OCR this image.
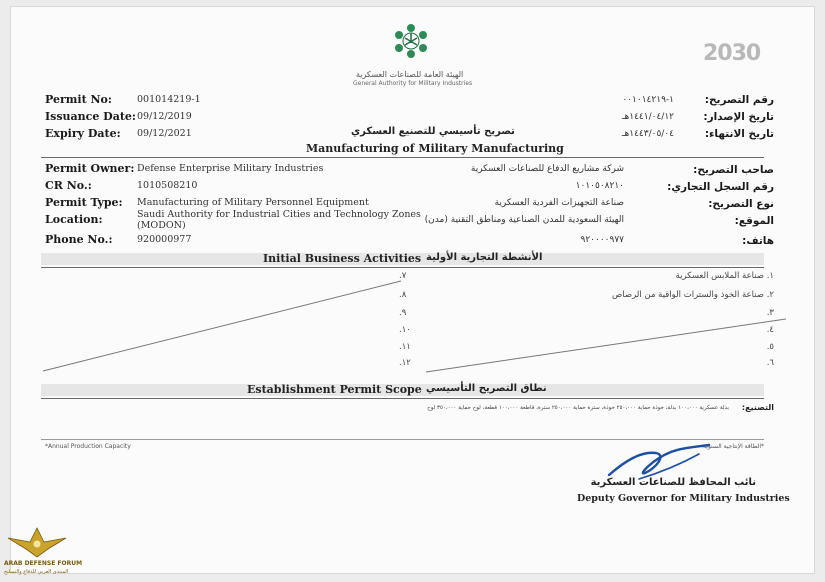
الهيئة العامة للصناعات العسكرية
General Authority for Military Industries
2030
Permit No:	001014219-1
Issuance Date: 09/12/2019
Expiry Date: 09/12/2021
رقم التصريح:
١-٠٠١٠١٤٢١٩
تاريخ الإصدار:
١٤٤١/٠٤/١٢هـ
تاريخ الانتهاء:
١٤٤٣/٠٥/٠٤هـ
تصريح تأسيسي للتصنيع العسكري
Manufacturing of Military Manufacturing
Permit Owner: Defense Enterprise Military Industries
CR No.:	1010508210
Permit Type: Manufacturing of Military Personnel Equipment
Location:	Saudi Authority for Industrial Cities and Technology Zones
(MODON)
Phone No.:	920000977
صاحب التصريح:
شركة مشاريع الدفاع للصناعات العسكرية
رقم السجل التجاري:
١٠١٠٥٠٨٢١٠
نوع التصريح:
صناعة التجهيزات الفردية العسكرية
الموقع:
الهيئة السعودية للمدن الصناعية ومناطق التقنية (مدن)
هاتف:
٩٢٠٠٠٠٩٧٧
Initial Business Activities الأنشطة التجارية الأولية
٧.
٨.
٩.
١٠.
١١.
١٢.
١. صناعة الملابس العسكرية
٢. صناعة الخوذ والسترات الواقية من الرصاص
٣.
٤.
٥.
٦.
Establishment Permit Scope نطاق التصريح التأسيسي
التصنيع:
بدلة عسكرية ١٠٠،٠٠٠ بدلة، خوذة حماية ٢٥٠،٠٠٠ خوذة، سترة حماية ٢٥٠،٠٠٠ سترة، قاطعة ١٠٠،٠٠٠ قطعة، لوح حماية ٣٥٠،٠٠٠ لوح
*Annual Production Capacity	*الطاقة الإنتاجية السنوية
نائب المحافظ للصناعات العسكرية
Deputy Governor for Military Industries
ARAB DEFENSE FORUM
المنتدى العربي للدفاع والتسليح
